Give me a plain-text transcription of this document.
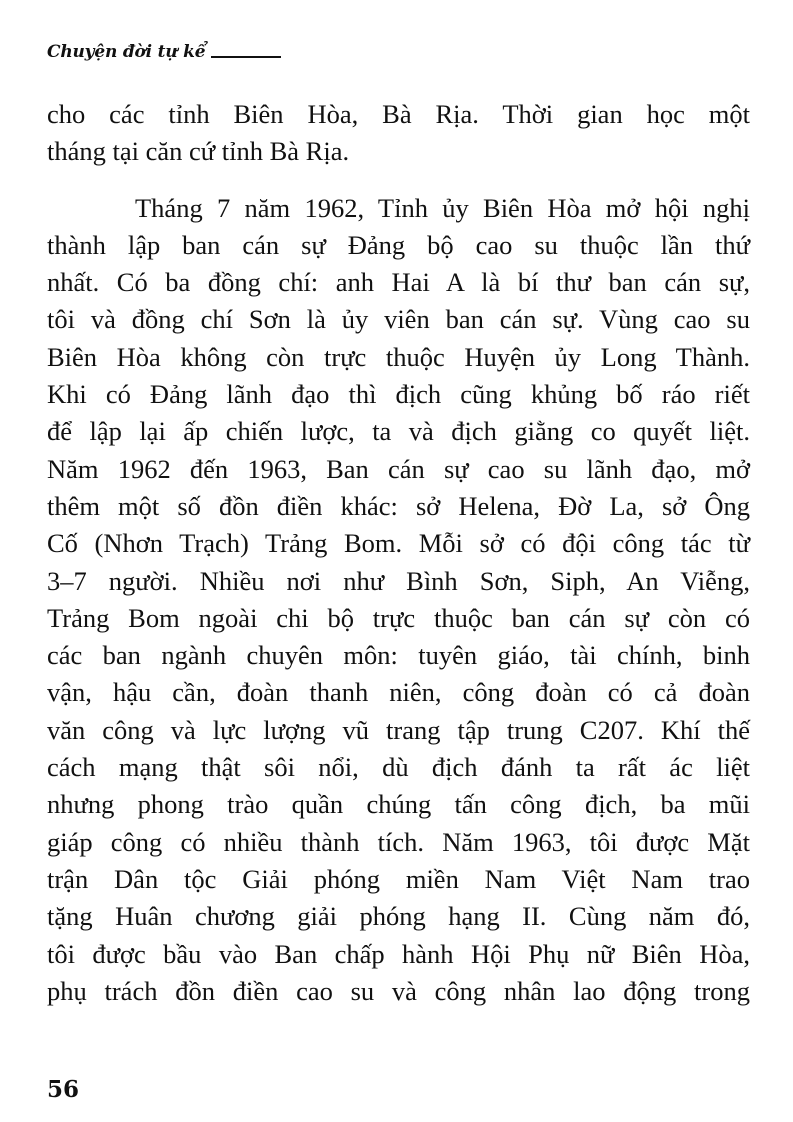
Chuyện đời tự kể
cho các tỉnh Biên Hòa, Bà Rịa. Thời gian học một
tháng tại căn cứ tỉnh Bà Rịa.
Tháng 7 năm 1962, Tỉnh ủy Biên Hòa mở hội nghị
thành lập ban cán sự Đảng bộ cao su thuộc lần thứ
nhất. Có ba đồng chí: anh Hai A là bí thư ban cán sự,
tôi và đồng chí Sơn là ủy viên ban cán sự. Vùng cao su
Biên Hòa không còn trực thuộc Huyện ủy Long Thành.
Khi có Đảng lãnh đạo thì địch cũng khủng bố ráo riết
để lập lại ấp chiến lược, ta và địch giằng co quyết liệt.
Năm 1962 đến 1963, Ban cán sự cao su lãnh đạo, mở
thêm một số đồn điền khác: sở Helena, Đờ La, sở Ông
Cố (Nhơn Trạch) Trảng Bom. Mỗi sở có đội công tác từ
3–7 người. Nhiều nơi như Bình Sơn, Siph, An Viễng,
Trảng Bom ngoài chi bộ trực thuộc ban cán sự còn có
các ban ngành chuyên môn: tuyên giáo, tài chính, binh
vận, hậu cần, đoàn thanh niên, công đoàn có cả đoàn
văn công và lực lượng vũ trang tập trung C207. Khí thế
cách mạng thật sôi nổi, dù địch đánh ta rất ác liệt
nhưng phong trào quần chúng tấn công địch, ba mũi
giáp công có nhiều thành tích. Năm 1963, tôi được Mặt
trận Dân tộc Giải phóng miền Nam Việt Nam trao
tặng Huân chương giải phóng hạng II. Cùng năm đó,
tôi được bầu vào Ban chấp hành Hội Phụ nữ Biên Hòa,
phụ trách đồn điền cao su và công nhân lao động trong
56
